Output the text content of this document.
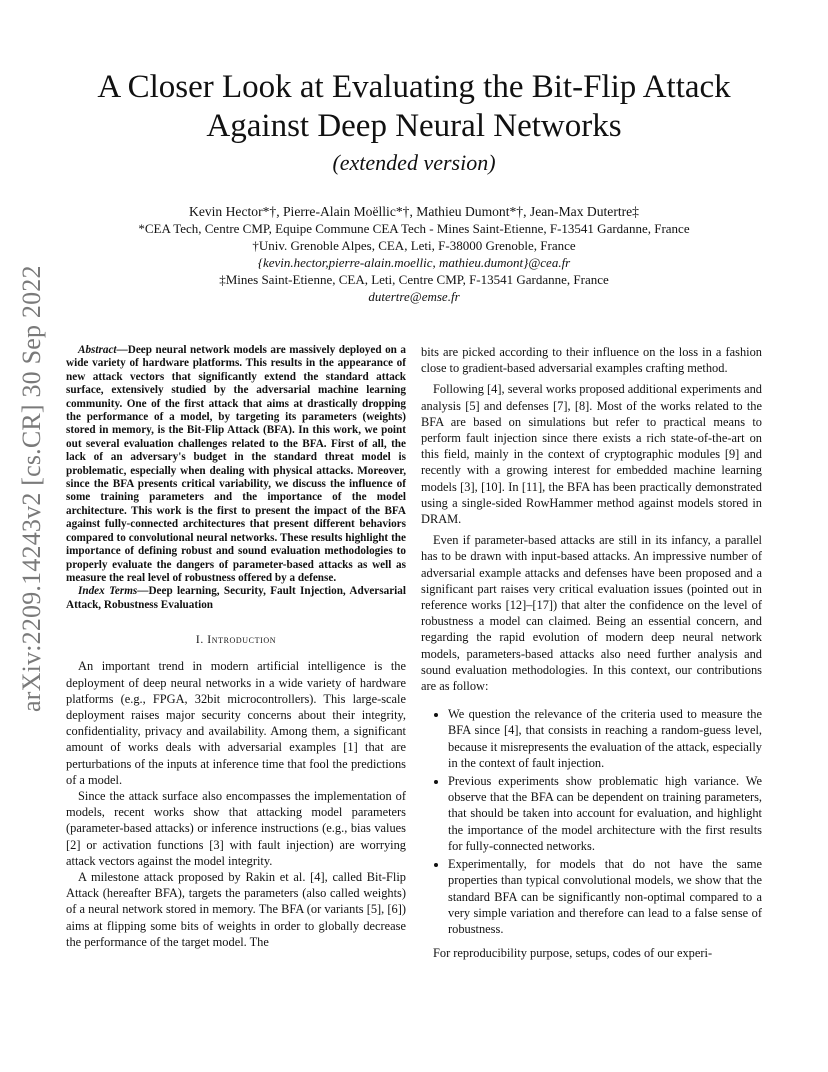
arXiv:2209.14243v2 [cs.CR] 30 Sep 2022
A Closer Look at Evaluating the Bit-Flip Attack
Against Deep Neural Networks
(extended version)
Kevin Hector*†, Pierre-Alain Moëllic*†, Mathieu Dumont*†, Jean-Max Dutertre‡
*CEA Tech, Centre CMP, Equipe Commune CEA Tech - Mines Saint-Etienne, F-13541 Gardanne, France
†Univ. Grenoble Alpes, CEA, Leti, F-38000 Grenoble, France
{kevin.hector,pierre-alain.moellic, mathieu.dumont}@cea.fr
‡Mines Saint-Etienne, CEA, Leti, Centre CMP, F-13541 Gardanne, France
dutertre@emse.fr

Abstract—Deep neural network models are massively deployed on a wide variety of hardware platforms. This results in the appearance of new attack vectors that significantly extend the standard attack surface, extensively studied by the adversarial machine learning community. One of the first attack that aims at drastically dropping the performance of a model, by targeting its parameters (weights) stored in memory, is the Bit-Flip Attack (BFA). In this work, we point out several evaluation challenges related to the BFA. First of all, the lack of an adversary's budget in the standard threat model is problematic, especially when dealing with physical attacks. Moreover, since the BFA presents critical variability, we discuss the influence of some training parameters and the importance of the model architecture. This work is the first to present the impact of the BFA against fully-connected architectures that present different behaviors compared to convolutional neural networks. These results highlight the importance of defining robust and sound evaluation methodologies to properly evaluate the dangers of parameter-based attacks as well as measure the real level of robustness offered by a defense.

Index Terms—Deep learning, Security, Fault Injection, Adversarial Attack, Robustness Evaluation

I. Introduction

An important trend in modern artificial intelligence is the deployment of deep neural networks in a wide variety of hardware platforms (e.g., FPGA, 32bit microcontrollers). This large-scale deployment raises major security concerns about their integrity, confidentiality, privacy and availability. Among them, a significant amount of works deals with adversarial examples [1] that are perturbations of the inputs at inference time that fool the predictions of a model.

Since the attack surface also encompasses the implementation of models, recent works show that attacking model parameters (parameter-based attacks) or inference instructions (e.g., bias values [2] or activation functions [3] with fault injection) are worrying attack vectors against the model integrity.

A milestone attack proposed by Rakin et al. [4], called Bit-Flip Attack (hereafter BFA), targets the parameters (also called weights) of a neural network stored in memory. The BFA (or variants [5], [6]) aims at flipping some bits of weights in order to globally decrease the performance of the target model. The

bits are picked according to their influence on the loss in a fashion close to gradient-based adversarial examples crafting method.

Following [4], several works proposed additional experiments and analysis [5] and defenses [7], [8]. Most of the works related to the BFA are based on simulations but refer to practical means to perform fault injection since there exists a rich state-of-the-art on this field, mainly in the context of cryptographic modules [9] and recently with a growing interest for embedded machine learning models [3], [10]. In [11], the BFA has been practically demonstrated using a single-sided RowHammer method against models stored in DRAM.

Even if parameter-based attacks are still in its infancy, a parallel has to be drawn with input-based attacks. An impressive number of adversarial example attacks and defenses have been proposed and a significant part raises very critical evaluation issues (pointed out in reference works [12]–[17]) that alter the confidence on the level of robustness a model can claimed. Being an essential concern, and regarding the rapid evolution of modern deep neural network models, parameters-based attacks also need further analysis and sound evaluation methodologies. In this context, our contributions are as follow:

• We question the relevance of the criteria used to measure the BFA since [4], that consists in reaching a random-guess level, because it misrepresents the evaluation of the attack, especially in the context of fault injection.
• Previous experiments show problematic high variance. We observe that the BFA can be dependent on training parameters, that should be taken into account for evaluation, and highlight the importance of the model architecture with the first results for fully-connected networks.
• Experimentally, for models that do not have the same properties than typical convolutional models, we show that the standard BFA can be significantly non-optimal compared to a very simple variation and therefore can lead to a false sense of robustness.

For reproducibility purpose, setups, codes of our experi-
